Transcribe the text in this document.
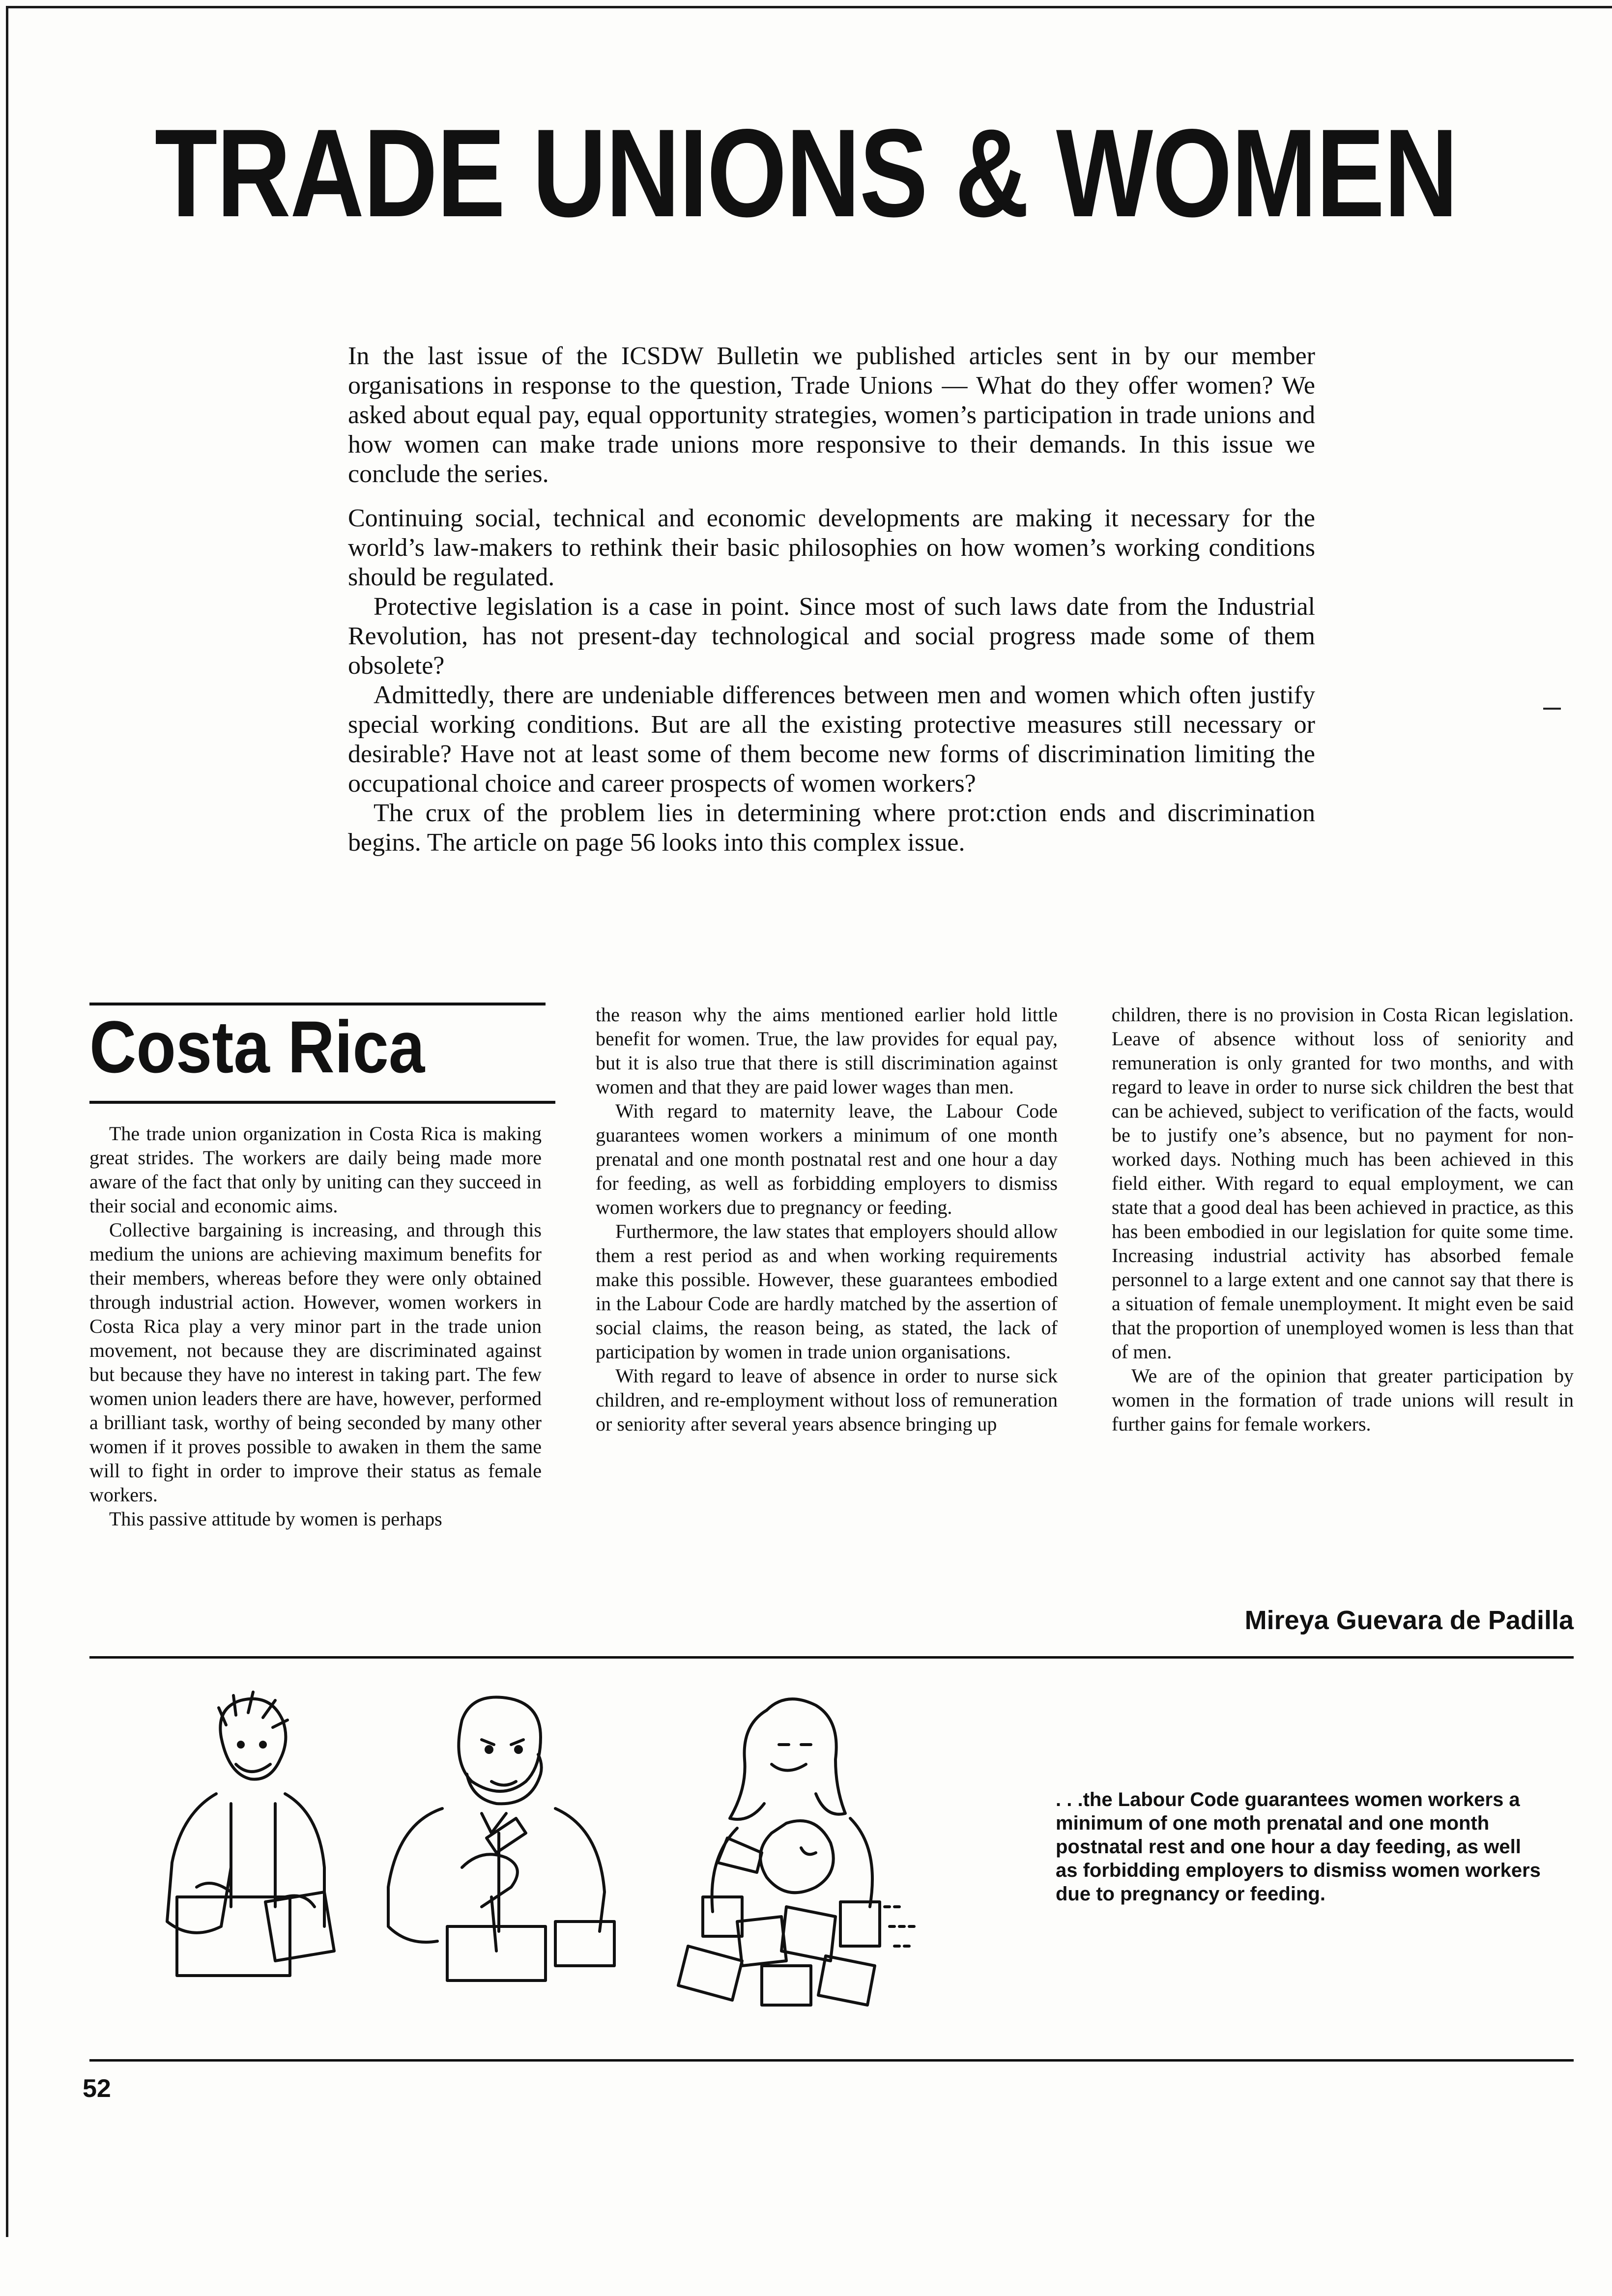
TRADE UNIONS & WOMEN

In the last issue of the ICSDW Bulletin we published articles sent in by our member organisations in response to the question, Trade Unions — What do they offer women? We asked about equal pay, equal opportunity strategies, women’s participation in trade unions and how women can make trade unions more responsive to their demands. In this issue we conclude the series.

Continuing social, technical and economic developments are making it necessary for the world’s law-makers to rethink their basic philosophies on how women’s working conditions should be regulated.

Protective legislation is a case in point. Since most of such laws date from the Industrial Revolution, has not present-day technological and social progress made some of them obsolete?

Admittedly, there are undeniable differences between men and women which often justify special working conditions. But are all the existing protective measures still necessary or desirable? Have not at least some of them become new forms of discrimination limiting the occupational choice and career prospects of women workers?

The crux of the problem lies in determining where prot:ction ends and discrimination begins. The article on page 56 looks into this complex issue.

Costa Rica

The trade union organization in Costa Rica is making great strides. The workers are daily being made more aware of the fact that only by uniting can they succeed in their social and economic aims.

Collective bargaining is increasing, and through this medium the unions are achieving maximum benefits for their members, whereas before they were only obtained through industrial action. However, women workers in Costa Rica play a very minor part in the trade union movement, not because they are discriminated against but because they have no interest in taking part. The few women union leaders there are have, however, performed a brilliant task, worthy of being seconded by many other women if it proves possible to awaken in them the same will to fight in order to improve their status as female workers.

This passive attitude by women is perhaps

the reason why the aims mentioned earlier hold little benefit for women. True, the law provides for equal pay, but it is also true that there is still discrimination against women and that they are paid lower wages than men.

With regard to maternity leave, the Labour Code guarantees women workers a minimum of one month prenatal and one month postnatal rest and one hour a day for feeding, as well as forbidding employers to dismiss women workers due to pregnancy or feeding.

Furthermore, the law states that employers should allow them a rest period as and when working requirements make this possible. However, these guarantees embodied in the Labour Code are hardly matched by the assertion of social claims, the reason being, as stated, the lack of participation by women in trade union organisations.

With regard to leave of absence in order to nurse sick children, and re-employment without loss of remuneration or seniority after several years absence bringing up

children, there is no provision in Costa Rican legislation. Leave of absence without loss of seniority and remuneration is only granted for two months, and with regard to leave in order to nurse sick children the best that can be achieved, subject to verification of the facts, would be to justify one’s absence, but no payment for non-worked days. Nothing much has been achieved in this field either. With regard to equal employment, we can state that a good deal has been achieved in practice, as this has been embodied in our legislation for quite some time. Increasing industrial activity has absorbed female personnel to a large extent and one cannot say that there is a situation of female unemployment. It might even be said that the proportion of unemployed women is less than that of men.

We are of the opinion that greater participation by women in the formation of trade unions will result in further gains for female workers.

Mireya Guevara de Padilla
. . .the Labour Code guarantees women workers a minimum of one moth prenatal and one month postnatal rest and one hour a day feeding, as well as forbidding employers to dismiss women workers due to pregnancy or feeding.
52
